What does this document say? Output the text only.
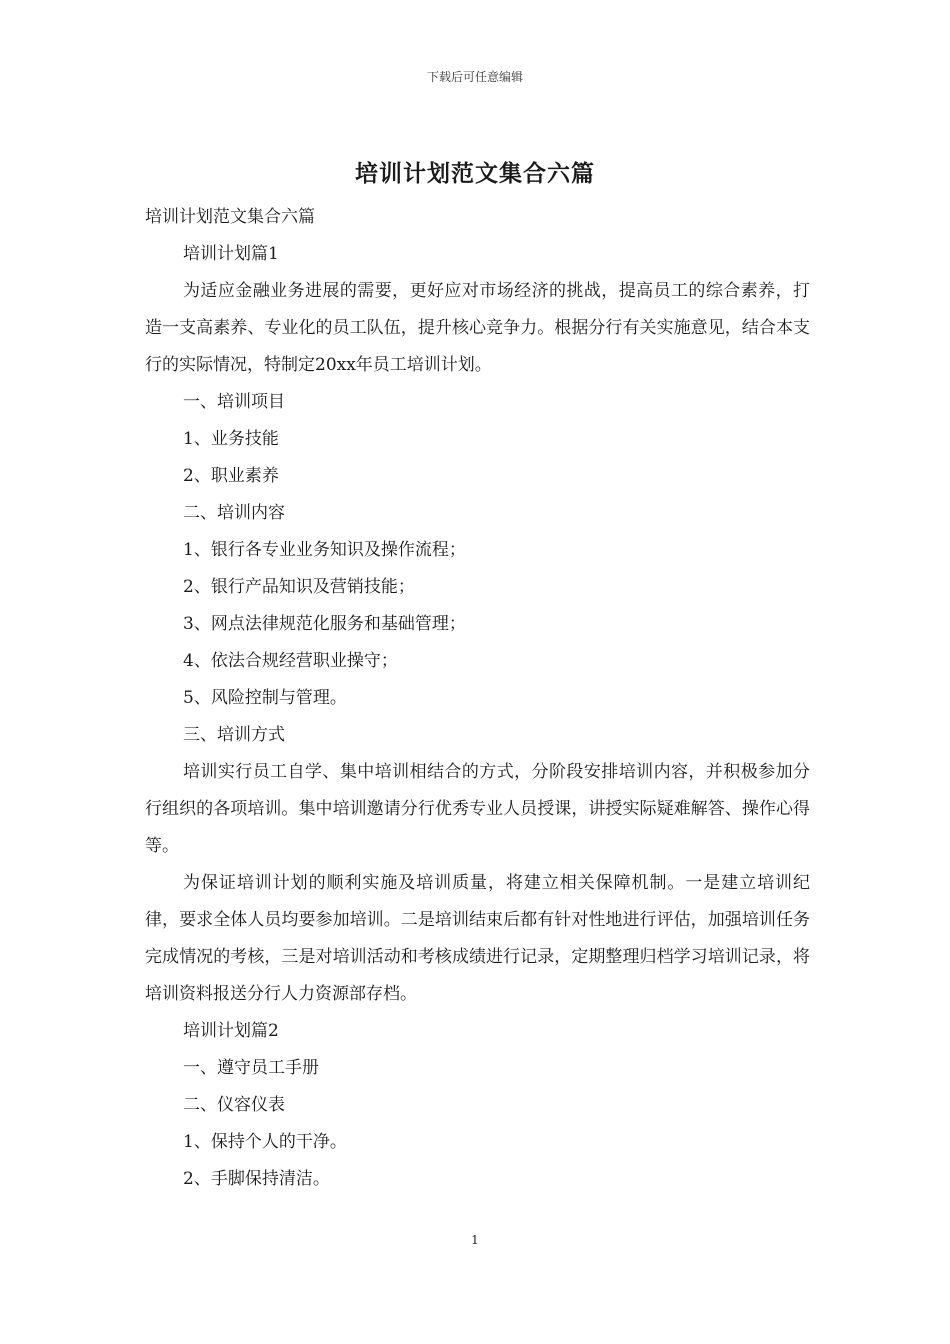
下载后可任意编辑
培训计划范文集合六篇

培训计划范文集合六篇

培训计划篇1

为适应金融业务进展的需要，更好应对市场经济的挑战，提高员工的综合素养，打造一支高素养、专业化的员工队伍，提升核心竞争力。根据分行有关实施意见，结合本支行的实际情况，特制定20xx年员工培训计划。

一、培训项目

1、业务技能

2、职业素养

二、培训内容

1、银行各专业业务知识及操作流程；

2、银行产品知识及营销技能；

3、网点法律规范化服务和基础管理；

4、依法合规经营职业操守；

5、风险控制与管理。

三、培训方式

培训实行员工自学、集中培训相结合的方式，分阶段安排培训内容，并积极参加分行组织的各项培训。集中培训邀请分行优秀专业人员授课，讲授实际疑难解答、操作心得等。

为保证培训计划的顺利实施及培训质量，将建立相关保障机制。一是建立培训纪律，要求全体人员均要参加培训。二是培训结束后都有针对性地进行评估，加强培训任务完成情况的考核，三是对培训活动和考核成绩进行记录，定期整理归档学习培训记录，将培训资料报送分行人力资源部存档。

培训计划篇2

一、遵守员工手册

二、仪容仪表

1、保持个人的干净。

2、手脚保持清洁。

1
